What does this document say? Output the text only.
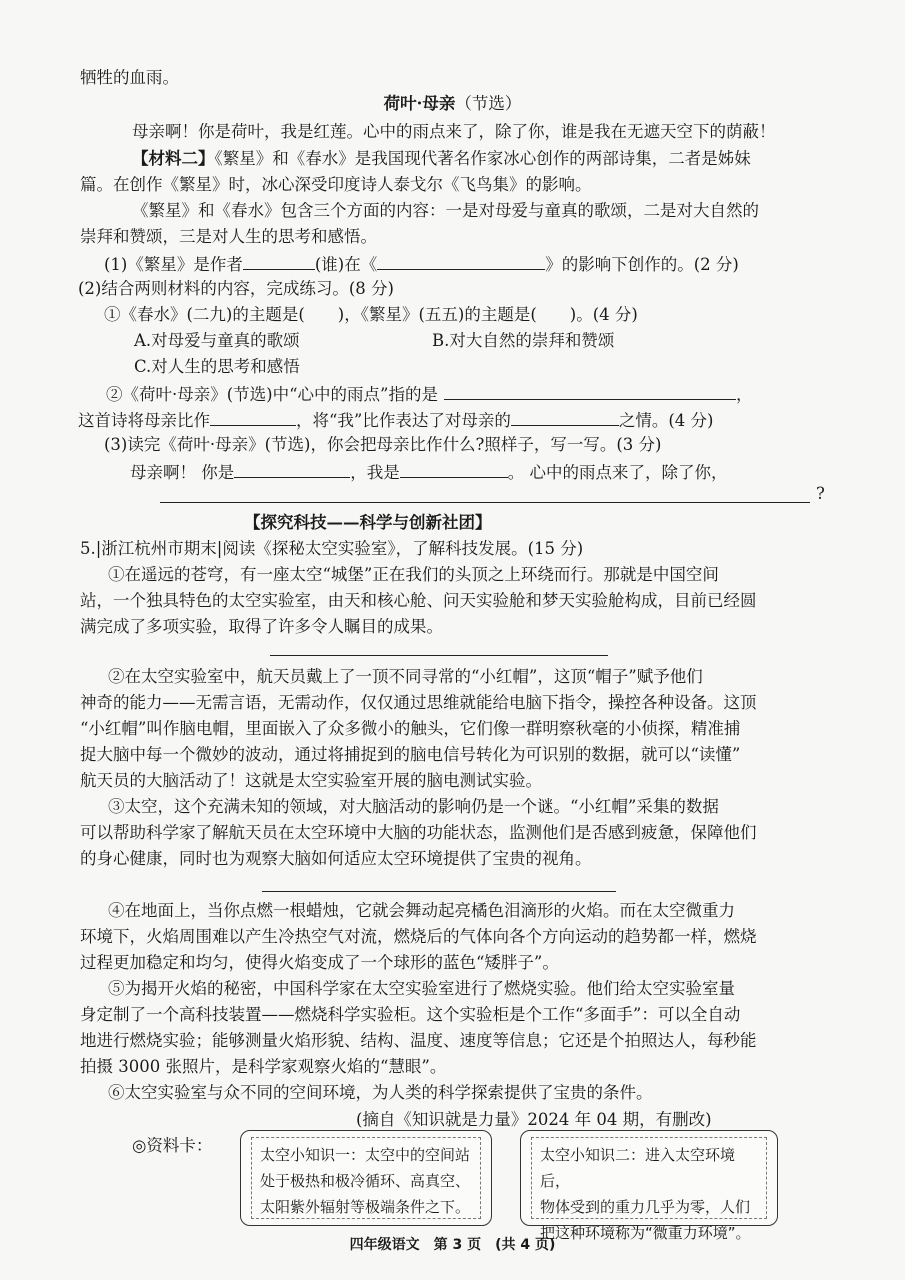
牺牲的血雨。
荷叶·母亲（节选）
母亲啊！你是荷叶，我是红莲。心中的雨点来了，除了你，谁是我在无遮天空下的荫蔽！
【材料二】《繁星》和《春水》是我国现代著名作家冰心创作的两部诗集，二者是姊妹
篇。在创作《繁星》时，冰心深受印度诗人泰戈尔《飞鸟集》的影响。
《繁星》和《春水》包含三个方面的内容：一是对母爱与童真的歌颂，二是对大自然的
崇拜和赞颂，三是对人生的思考和感悟。
(1)《繁星》是作者	(谁)在《	》的影响下创作的。(2 分)
(2)结合两则材料的内容，完成练习。(8 分)
①《春水》(二九)的主题是(　　)，《繁星》(五五)的主题是(　　)。(4 分)
A.对母爱与童真的歌颂	B.对大自然的崇拜和赞颂
C.对人生的思考和感悟
②《荷叶·母亲》(节选)中“心中的雨点”指的是	，
这首诗将母亲比作	，将“我”比作表达了对母亲的	之情。(4 分)
(3)读完《荷叶·母亲》(节选)，你会把母亲比作什么?照样子，写一写。(3 分)
母亲啊！ 你是	，我是	。 心中的雨点来了，除了你，
?
【探究科技——科学与创新社团】
5.|浙江杭州市期末|阅读《探秘太空实验室》，了解科技发展。(15 分)
①在遥远的苍穹，有一座太空“城堡”正在我们的头顶之上环绕而行。那就是中国空间
站，一个独具特色的太空实验室，由天和核心舱、问天实验舱和梦天实验舱构成，目前已经圆
满完成了多项实验，取得了许多令人瞩目的成果。
②在太空实验室中，航天员戴上了一顶不同寻常的“小红帽”，这顶“帽子”赋予他们
神奇的能力——无需言语，无需动作，仅仅通过思维就能给电脑下指令，操控各种设备。这顶
“小红帽”叫作脑电帽，里面嵌入了众多微小的触头，它们像一群明察秋毫的小侦探，精准捕
捉大脑中每一个微妙的波动，通过将捕捉到的脑电信号转化为可识别的数据，就可以“读懂”
航天员的大脑活动了！这就是太空实验室开展的脑电测试实验。
③太空，这个充满未知的领域，对大脑活动的影响仍是一个谜。“小红帽”采集的数据
可以帮助科学家了解航天员在太空环境中大脑的功能状态，监测他们是否感到疲惫，保障他们
的身心健康，同时也为观察大脑如何适应太空环境提供了宝贵的视角。
④在地面上，当你点燃一根蜡烛，它就会舞动起亮橘色泪滴形的火焰。而在太空微重力
环境下，火焰周围难以产生冷热空气对流，燃烧后的气体向各个方向运动的趋势都一样，燃烧
过程更加稳定和均匀，使得火焰变成了一个球形的蓝色“矮胖子”。
⑤为揭开火焰的秘密，中国科学家在太空实验室进行了燃烧实验。他们给太空实验室量
身定制了一个高科技装置——燃烧科学实验柜。这个实验柜是个工作“多面手”：可以全自动
地进行燃烧实验；能够测量火焰形貌、结构、温度、速度等信息；它还是个拍照达人，每秒能
拍摄 3000 张照片，是科学家观察火焰的“慧眼”。
⑥太空实验室与众不同的空间环境，为人类的科学探索提供了宝贵的条件。
(摘自《知识就是力量》2024 年 04 期，有删改)
◎资料卡：	太空小知识一：太空中的空间站
处于极热和极冷循环、高真空、
太阳紫外辐射等极端条件之下。
太空小知识二：进入太空环境后，
物体受到的重力几乎为零，人们
把这种环境称为“微重力环境”。
四年级语文　第 3 页　(共 4 页)
